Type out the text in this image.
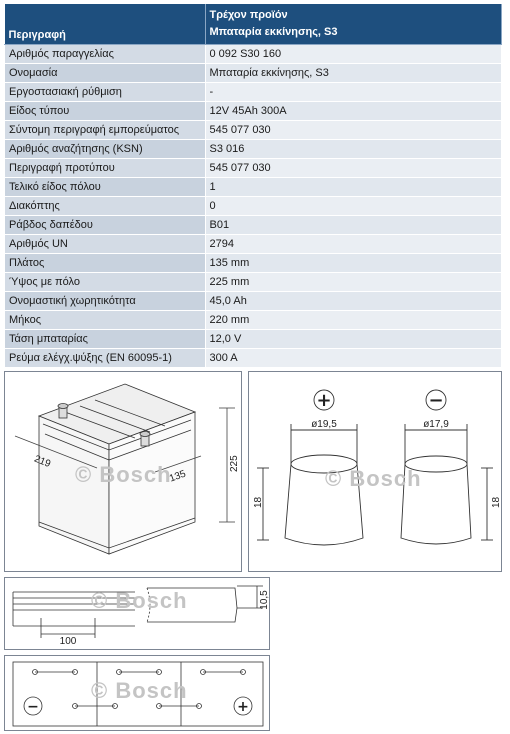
Περιγραφή	Τρέχον προϊόν
Μπαταρία εκκίνησης, S3

Αριθμός παραγγελίας	0 092 S30 160
Ονομασία	Μπαταρία εκκίνησης, S3
Εργοστασιακή ρύθμιση	-
Είδος τύπου	12V 45Ah 300A
Σύντομη περιγραφή εμπορεύματος	545 077 030
Αριθμός αναζήτησης (KSN)	S3 016
Περιγραφή προτύπου	545 077 030
Τελικό είδος πόλου	1
Διακόπτης	0
Ράβδος δαπέδου	B01
Αριθμός UN	2794
Πλάτος	135 mm
Ύψος με πόλο	225 mm
Ονομαστική χωρητικότητα	45,0 Ah
Μήκος	220 mm
Τάση μπαταρίας	12,0 V
Ρεύμα ελέγχ.ψύξης (EN 60095-1)	300 A
219
135
225
© Bosch
+	−
ø19,5	ø17,9
18	18
© Bosch
100
10,5
© Bosch
−	+
© Bosch
